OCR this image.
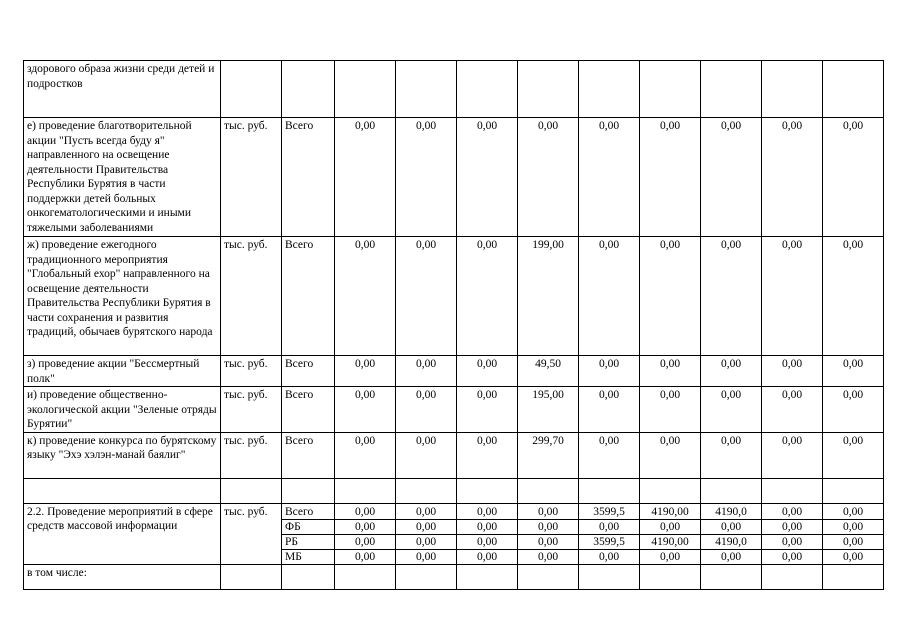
здорового образа жизни среди детей и подростков											
е) проведение благотворительной акции "Пусть всегда буду я" направленного на освещение деятельности Правительства Республики Бурятия в части поддержки детей больных онкогематологическими и иными тяжелыми заболеваниями	тыс. руб.	Всего	0,00	0,00	0,00	0,00	0,00	0,00	0,00	0,00	0,00
ж) проведение ежегодного традиционного мероприятия "Глобальный ехор" направленного на освещение деятельности Правительства Республики Бурятия в части сохранения и развития традиций, обычаев бурятского народа	тыс. руб.	Всего	0,00	0,00	0,00	199,00	0,00	0,00	0,00	0,00	0,00
з) проведение акции "Бессмертный полк"	тыс. руб.	Всего	0,00	0,00	0,00	49,50	0,00	0,00	0,00	0,00	0,00
и) проведение общественно-экологической акции "Зеленые отряды Бурятии"	тыс. руб.	Всего	0,00	0,00	0,00	195,00	0,00	0,00	0,00	0,00	0,00
к) проведение конкурса по бурятскому языку "Эхэ хэлэн-манай баялиг"	тыс. руб.	Всего	0,00	0,00	0,00	299,70	0,00	0,00	0,00	0,00	0,00

2.2. Проведение мероприятий в сфере средств массовой информации	тыс. руб.	Всего	0,00	0,00	0,00	0,00	3599,5	4190,00	4190,0	0,00	0,00
		ФБ	0,00	0,00	0,00	0,00	0,00	0,00	0,00	0,00	0,00
		РБ	0,00	0,00	0,00	0,00	3599,5	4190,00	4190,0	0,00	0,00
		МБ	0,00	0,00	0,00	0,00	0,00	0,00	0,00	0,00	0,00
в том числе:											
